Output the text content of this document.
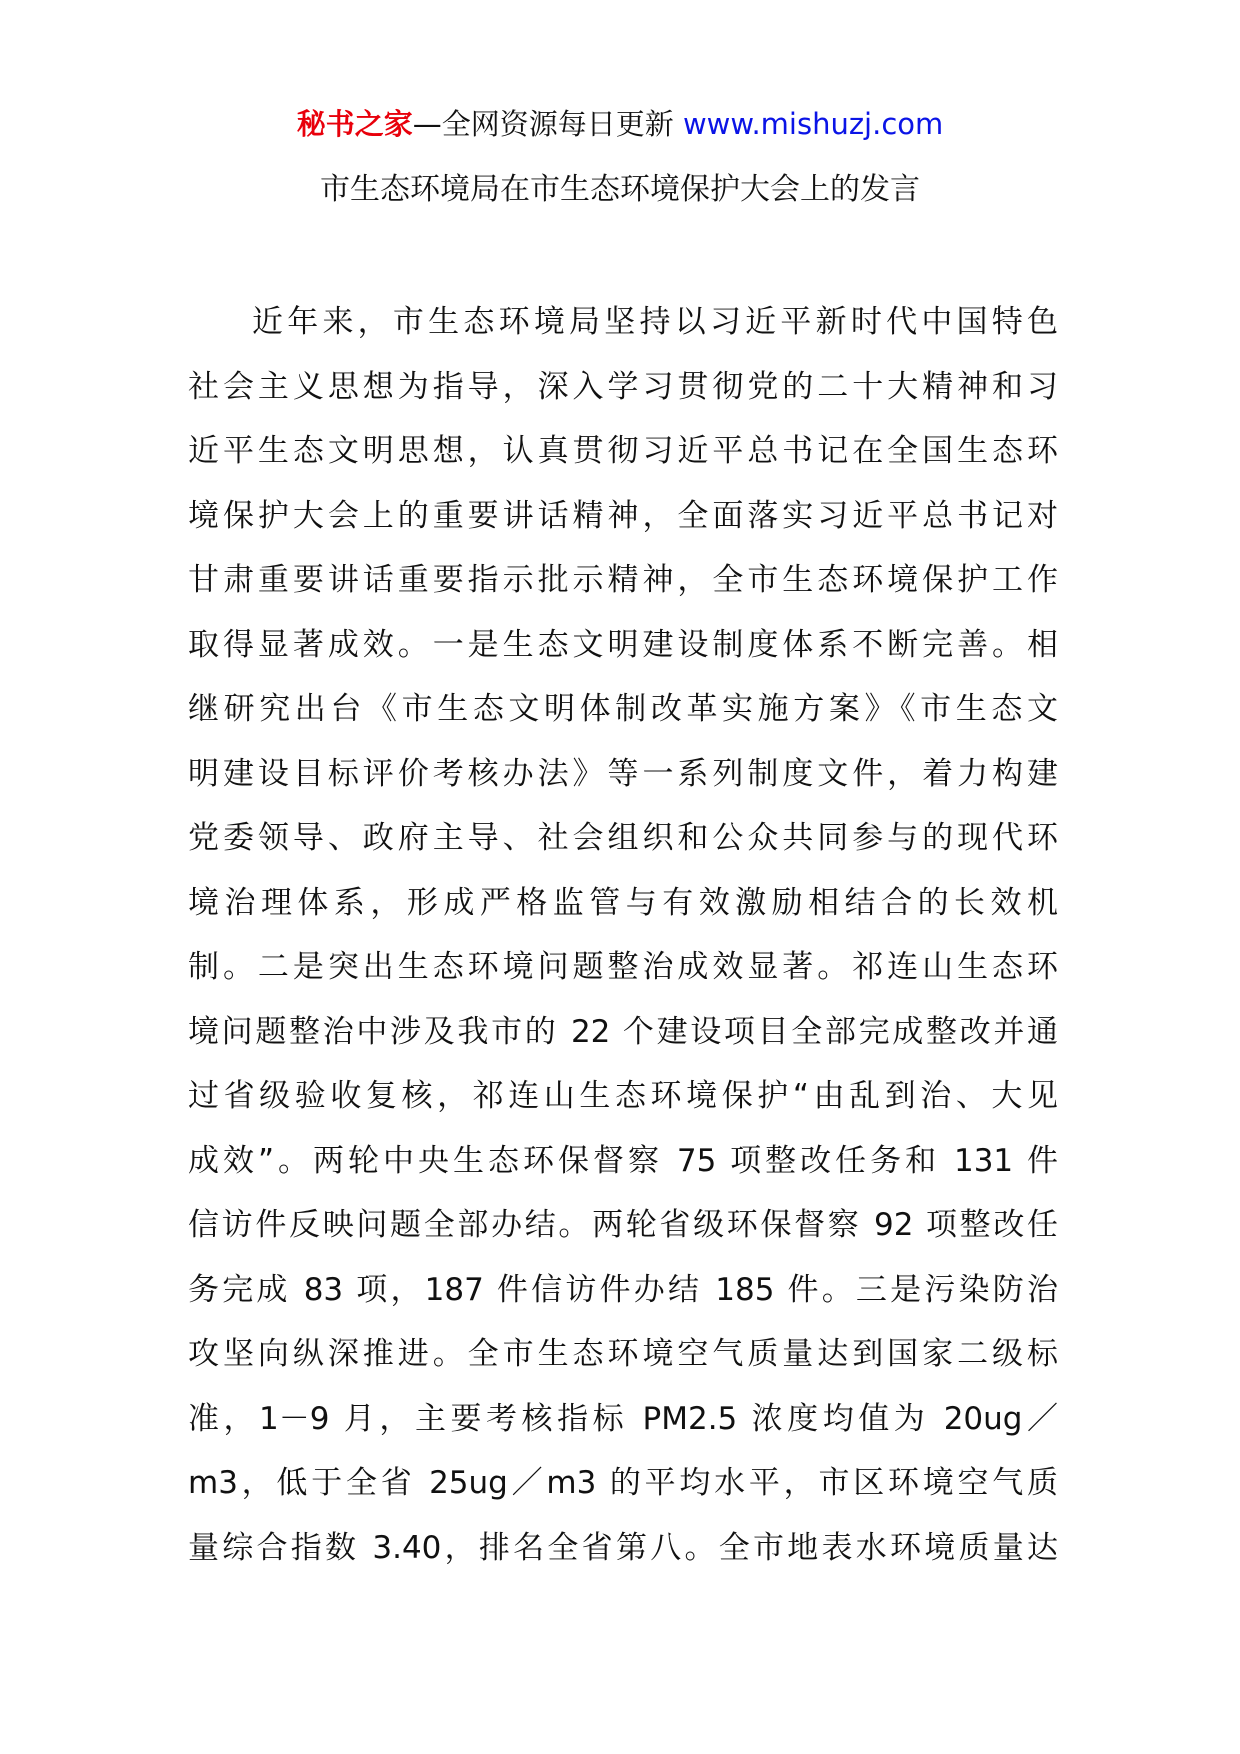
秘书之家—全网资源每日更新 www.mishuzj.com
市生态环境局在市生态环境保护大会上的发言
近年来，市生态环境局坚持以习近平新时代中国特色
社会主义思想为指导，深入学习贯彻党的二十大精神和习
近平生态文明思想，认真贯彻习近平总书记在全国生态环
境保护大会上的重要讲话精神，全面落实习近平总书记对
甘肃重要讲话重要指示批示精神，全市生态环境保护工作
取得显著成效。一是生态文明建设制度体系不断完善。相
继研究出台《市生态文明体制改革实施方案》《市生态文
明建设目标评价考核办法》等一系列制度文件，着力构建
党委领导、政府主导、社会组织和公众共同参与的现代环
境治理体系，形成严格监管与有效激励相结合的长效机
制。二是突出生态环境问题整治成效显著。祁连山生态环
境问题整治中涉及我市的 22 个建设项目全部完成整改并通
过省级验收复核，祁连山生态环境保护“由乱到治、大见
成效”。两轮中央生态环保督察 75 项整改任务和 131 件
信访件反映问题全部办结。两轮省级环保督察 92 项整改任
务完成 83 项，187 件信访件办结 185 件。三是污染防治
攻坚向纵深推进。全市生态环境空气质量达到国家二级标
准，1－9 月，主要考核指标 PM2.5 浓度均值为 20ug／
m3，低于全省 25ug／m3 的平均水平，市区环境空气质
量综合指数 3.40，排名全省第八。全市地表水环境质量达
